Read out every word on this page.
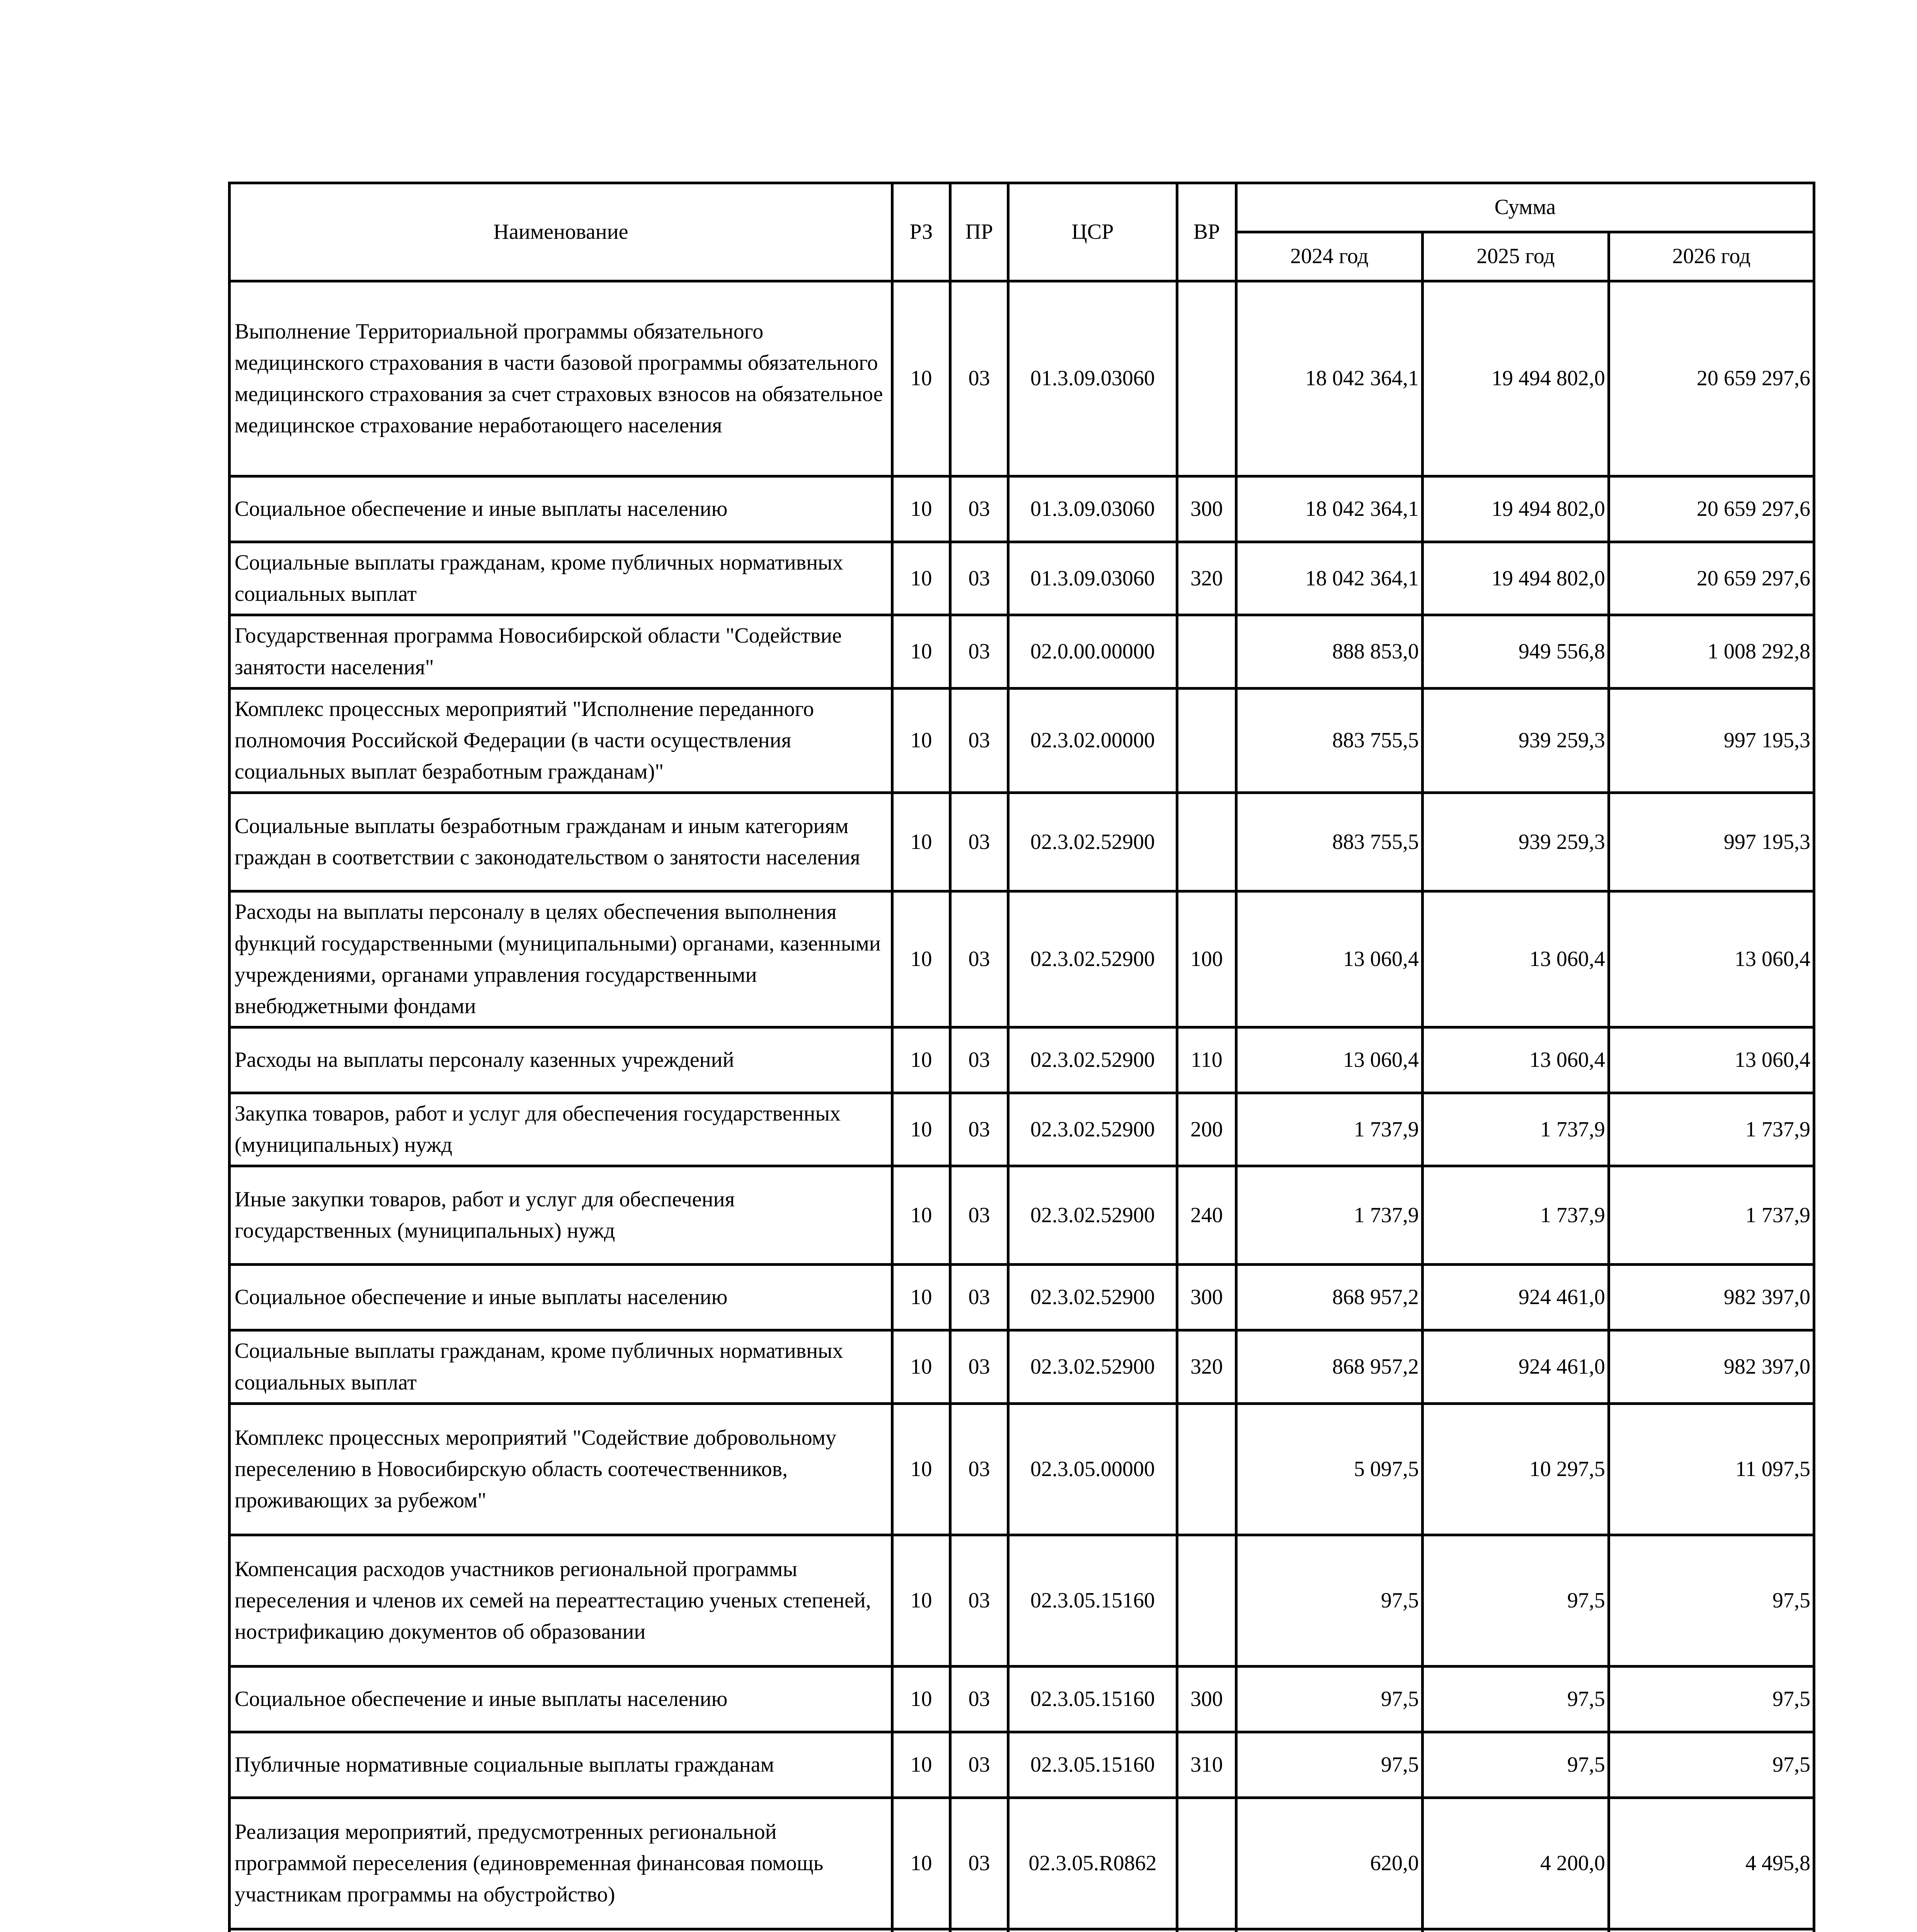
Наименование	РЗ	ПР	ЦСР	ВР	Сумма		
					2024 год	2025 год	2026 год
Выполнение Территориальной программы обязательного медицинского страхования в части базовой программы обязательного медицинского страхования за счет страховых взносов на обязательное медицинское страхование неработающего населения	10	03	01.3.09.03060		18 042 364,1	19 494 802,0	20 659 297,6
Социальное обеспечение и иные выплаты населению	10	03	01.3.09.03060	300	18 042 364,1	19 494 802,0	20 659 297,6
Социальные выплаты гражданам, кроме публичных нормативных социальных выплат	10	03	01.3.09.03060	320	18 042 364,1	19 494 802,0	20 659 297,6
Государственная программа Новосибирской области "Содействие занятости населения"	10	03	02.0.00.00000		888 853,0	949 556,8	1 008 292,8
Комплекс процессных мероприятий "Исполнение переданного полномочия Российской Федерации (в части осуществления социальных выплат безработным гражданам)"	10	03	02.3.02.00000		883 755,5	939 259,3	997 195,3
Социальные выплаты безработным гражданам и иным категориям граждан в соответствии с законодательством о занятости населения	10	03	02.3.02.52900		883 755,5	939 259,3	997 195,3
Расходы на выплаты персоналу в целях обеспечения выполнения функций государственными (муниципальными) органами, казенными учреждениями, органами управления государственными внебюджетными фондами	10	03	02.3.02.52900	100	13 060,4	13 060,4	13 060,4
Расходы на выплаты персоналу казенных учреждений	10	03	02.3.02.52900	110	13 060,4	13 060,4	13 060,4
Закупка товаров, работ и услуг для обеспечения государственных (муниципальных) нужд	10	03	02.3.02.52900	200	1 737,9	1 737,9	1 737,9
Иные закупки товаров, работ и услуг для обеспечения государственных (муниципальных) нужд	10	03	02.3.02.52900	240	1 737,9	1 737,9	1 737,9
Социальное обеспечение и иные выплаты населению	10	03	02.3.02.52900	300	868 957,2	924 461,0	982 397,0
Социальные выплаты гражданам, кроме публичных нормативных социальных выплат	10	03	02.3.02.52900	320	868 957,2	924 461,0	982 397,0
Комплекс процессных мероприятий "Содействие добровольному переселению в Новосибирскую область соотечественников, проживающих за рубежом"	10	03	02.3.05.00000		5 097,5	10 297,5	11 097,5
Компенсация расходов участников региональной программы переселения и членов их семей на переаттестацию ученых степеней, нострификацию документов об образовании	10	03	02.3.05.15160		97,5	97,5	97,5
Социальное обеспечение и иные выплаты населению	10	03	02.3.05.15160	300	97,5	97,5	97,5
Публичные нормативные социальные выплаты гражданам	10	03	02.3.05.15160	310	97,5	97,5	97,5
Реализация мероприятий, предусмотренных региональной программой переселения (единовременная финансовая помощь участникам программы на обустройство)	10	03	02.3.05.R0862		620,0	4 200,0	4 495,8
